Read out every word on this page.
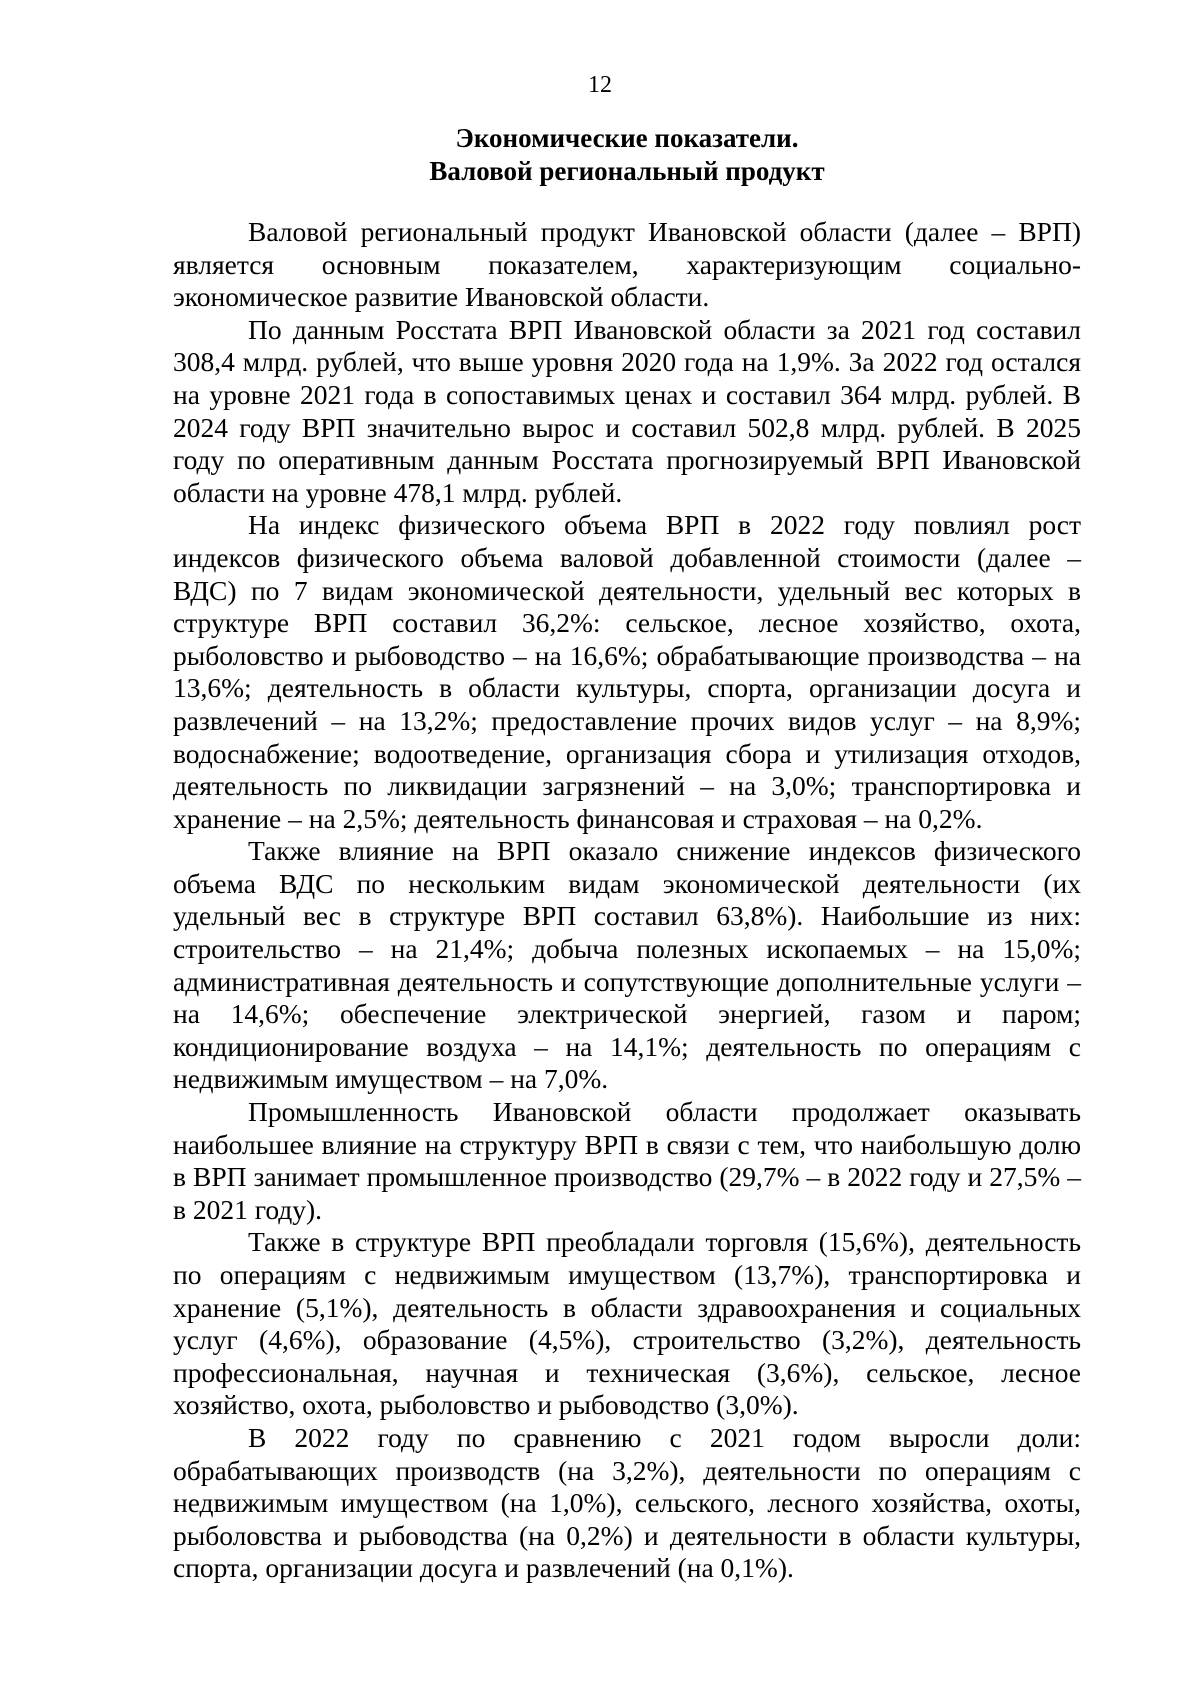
12
Экономические показатели.
Валовой региональный продукт

Валовой региональный продукт Ивановской области (далее – ВРП) является основным показателем, характеризующим социально-экономическое развитие Ивановской области.

По данным Росстата ВРП Ивановской области за 2021 год составил 308,4 млрд. рублей, что выше уровня 2020 года на 1,9%. За 2022 год остался на уровне 2021 года в сопоставимых ценах и составил 364 млрд. рублей. В 2024 году ВРП значительно вырос и составил 502,8 млрд. рублей. В 2025 году по оперативным данным Росстата прогнозируемый ВРП Ивановской области на уровне 478,1 млрд. рублей.

На индекс физического объема ВРП в 2022 году повлиял рост индексов физического объема валовой добавленной стоимости (далее – ВДС) по 7 видам экономической деятельности, удельный вес которых в структуре ВРП составил 36,2%: сельское, лесное хозяйство, охота, рыболовство и рыбоводство – на 16,6%; обрабатывающие производства – на 13,6%; деятельность в области культуры, спорта, организации досуга и развлечений – на 13,2%; предоставление прочих видов услуг – на 8,9%; водоснабжение; водоотведение, организация сбора и утилизация отходов, деятельность по ликвидации загрязнений – на 3,0%; транспортировка и хранение – на 2,5%; деятельность финансовая и страховая – на 0,2%.

Также влияние на ВРП оказало снижение индексов физического объема ВДС по нескольким видам экономической деятельности (их удельный вес в структуре ВРП составил 63,8%). Наибольшие из них: строительство – на 21,4%; добыча полезных ископаемых – на 15,0%; административная деятельность и сопутствующие дополнительные услуги – на 14,6%; обеспечение электрической энергией, газом и паром; кондиционирование воздуха – на 14,1%; деятельность по операциям с недвижимым имуществом – на 7,0%.

Промышленность Ивановской области продолжает оказывать наибольшее влияние на структуру ВРП в связи с тем, что наибольшую долю в ВРП занимает промышленное производство (29,7% – в 2022 году и 27,5% – в 2021 году).

Также в структуре ВРП преобладали торговля (15,6%), деятельность по операциям с недвижимым имуществом (13,7%), транспортировка и хранение (5,1%), деятельность в области здравоохранения и социальных услуг (4,6%), образование (4,5%), строительство (3,2%), деятельность профессиональная, научная и техническая (3,6%), сельское, лесное хозяйство, охота, рыболовство и рыбоводство (3,0%).

В 2022 году по сравнению с 2021 годом выросли доли: обрабатывающих производств (на 3,2%), деятельности по операциям с недвижимым имуществом (на 1,0%), сельского, лесного хозяйства, охоты, рыболовства и рыбоводства (на 0,2%) и деятельности в области культуры, спорта, организации досуга и развлечений (на 0,1%).
